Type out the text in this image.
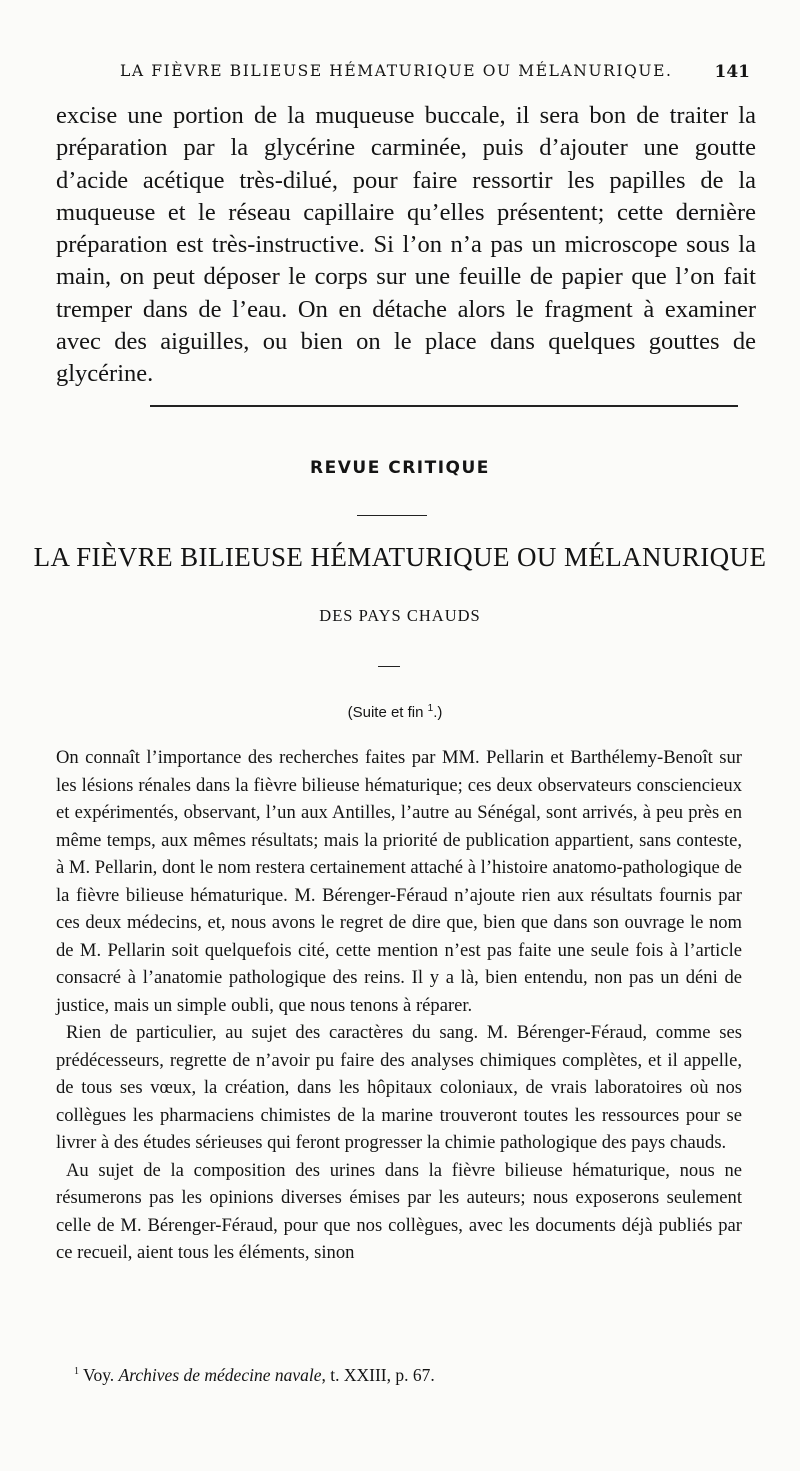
LA FIÈVRE BILIEUSE HÉMATURIQUE OU MÉLANURIQUE. 141
excise une portion de la muqueuse buccale, il sera bon de traiter la préparation par la glycérine carminée, puis d’ajouter une goutte d’acide acétique très-dilué, pour faire ressortir les papilles de la muqueuse et le réseau capillaire qu’elles présentent; cette dernière préparation est très-instructive. Si l’on n’a pas un microscope sous la main, on peut déposer le corps sur une feuille de papier que l’on fait tremper dans de l’eau. On en détache alors le fragment à examiner avec des aiguilles, ou bien on le place dans quelques gouttes de glycérine.
REVUE CRITIQUE
LA FIÈVRE BILIEUSE HÉMATURIQUE OU MÉLANURIQUE
DES PAYS CHAUDS
(Suite et fin $^1$.)

On connaît l’importance des recherches faites par MM. Pellarin et Barthélemy-Benoît sur les lésions rénales dans la fièvre bilieuse hématurique; ces deux observateurs consciencieux et expérimentés, observant, l’un aux Antilles, l’autre au Sénégal, sont arrivés, à peu près en même temps, aux mêmes résultats; mais la priorité de publication appartient, sans conteste, à M. Pellarin, dont le nom restera certainement attaché à l’histoire anatomo-pathologique de la fièvre bilieuse hématurique. M. Bérenger-Féraud n’ajoute rien aux résultats fournis par ces deux médecins, et, nous avons le regret de dire que, bien que dans son ouvrage le nom de M. Pellarin soit quelquefois cité, cette mention n’est pas faite une seule fois à l’article consacré à l’anatomie pathologique des reins. Il y a là, bien entendu, non pas un déni de justice, mais un simple oubli, que nous tenons à réparer.

Rien de particulier, au sujet des caractères du sang. M. Bérenger-Féraud, comme ses prédécesseurs, regrette de n’avoir pu faire des analyses chimiques complètes, et il appelle, de tous ses vœux, la création, dans les hôpitaux coloniaux, de vrais laboratoires où nos collègues les pharmaciens chimistes de la marine trouveront toutes les ressources pour se livrer à des études sérieuses qui feront progresser la chimie pathologique des pays chauds.

Au sujet de la composition des urines dans la fièvre bilieuse hématurique, nous ne résumerons pas les opinions diverses émises par les auteurs; nous exposerons seulement celle de M. Bérenger-Féraud, pour que nos collègues, avec les documents déjà publiés par ce recueil, aient tous les éléments, sinon

$^1$ Voy. Archives de médecine navale, t. XXIII, p. 67.
